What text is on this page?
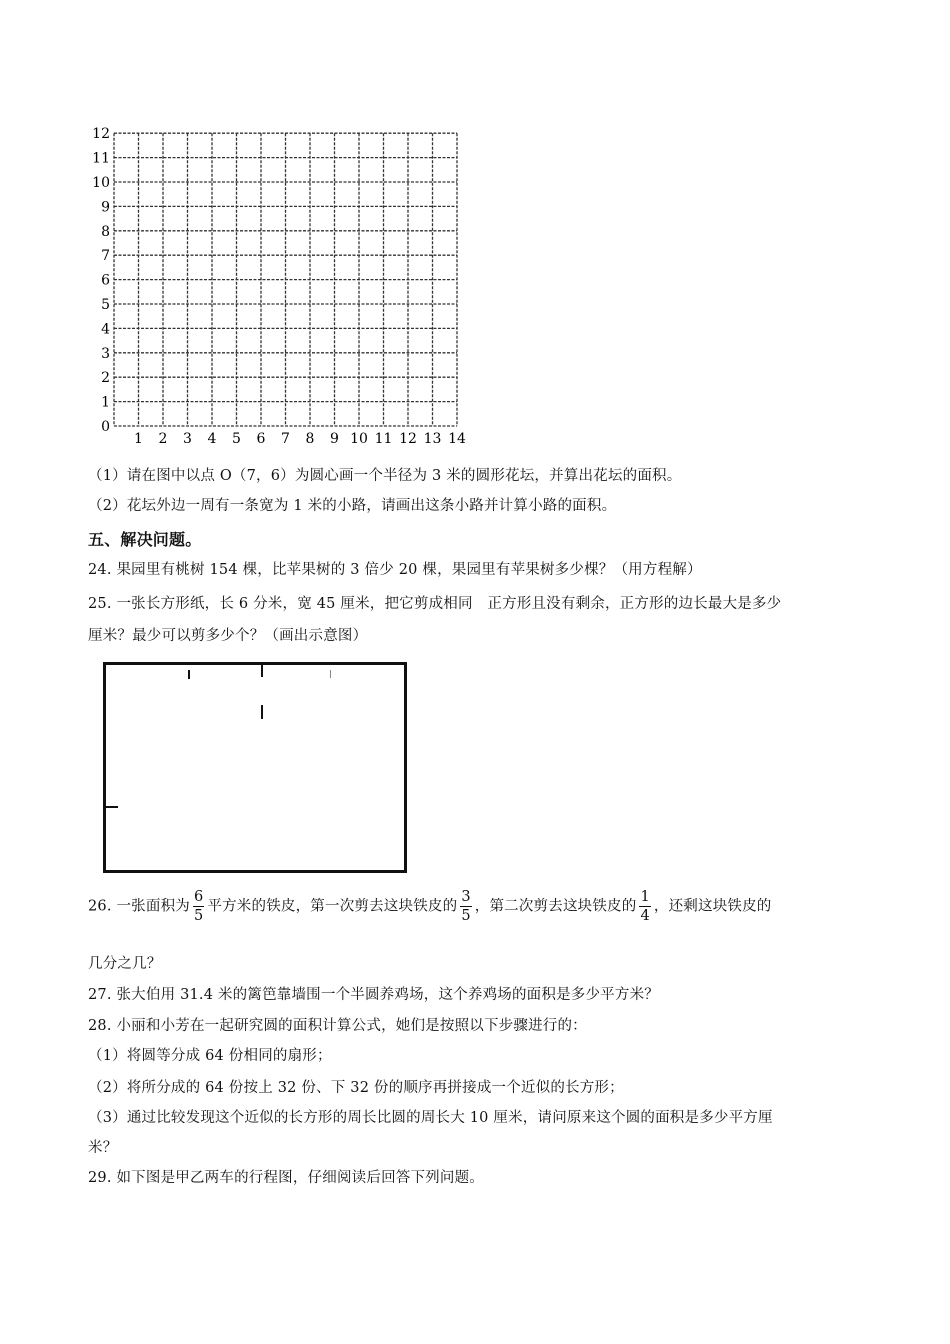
1 2 3 4 5 6 7 8 9 10 11 12 13 14
0
1
2
3
4
5
6
7
8
9
10
11
12
（1）请在图中以点 O（7，6）为圆心画一个半径为 3 米的圆形花坛，并算出花坛的面积。
（2）花坛外边一周有一条宽为 1 米的小路，请画出这条小路并计算小路的面积。
五、解决问题。
24. 果园里有桃树 154 棵，比苹果树的 3 倍少 20 棵，果园里有苹果树多少棵？（用方程解）
25. 一张长方形纸，长 6 分米，宽 45 厘米，把它剪成相同　正方形且没有剩余，正方形的边长最大是多少
厘米？最少可以剪多少个？（画出示意图）
26. 一张面积为 $\frac{6}{5}$ 平方米的铁皮，第一次剪去这块铁皮的 $\frac{3}{5}$ ，第二次剪去这块铁皮的 $\frac{1}{4}$ ，还剩这块铁皮的
几分之几？
27. 张大伯用 31.4 米的篱笆靠墙围一个半圆养鸡场，这个养鸡场的面积是多少平方米？
28. 小丽和小芳在一起研究圆的面积计算公式，她们是按照以下步骤进行的：
（1）将圆等分成 64 份相同的扇形；
（2）将所分成的 64 份按上 32 份、下 32 份的顺序再拼接成一个近似的长方形；
（3）通过比较发现这个近似的长方形的周长比圆的周长大 10 厘米，请问原来这个圆的面积是多少平方厘
米？
29. 如下图是甲乙两车的行程图，仔细阅读后回答下列问题。
